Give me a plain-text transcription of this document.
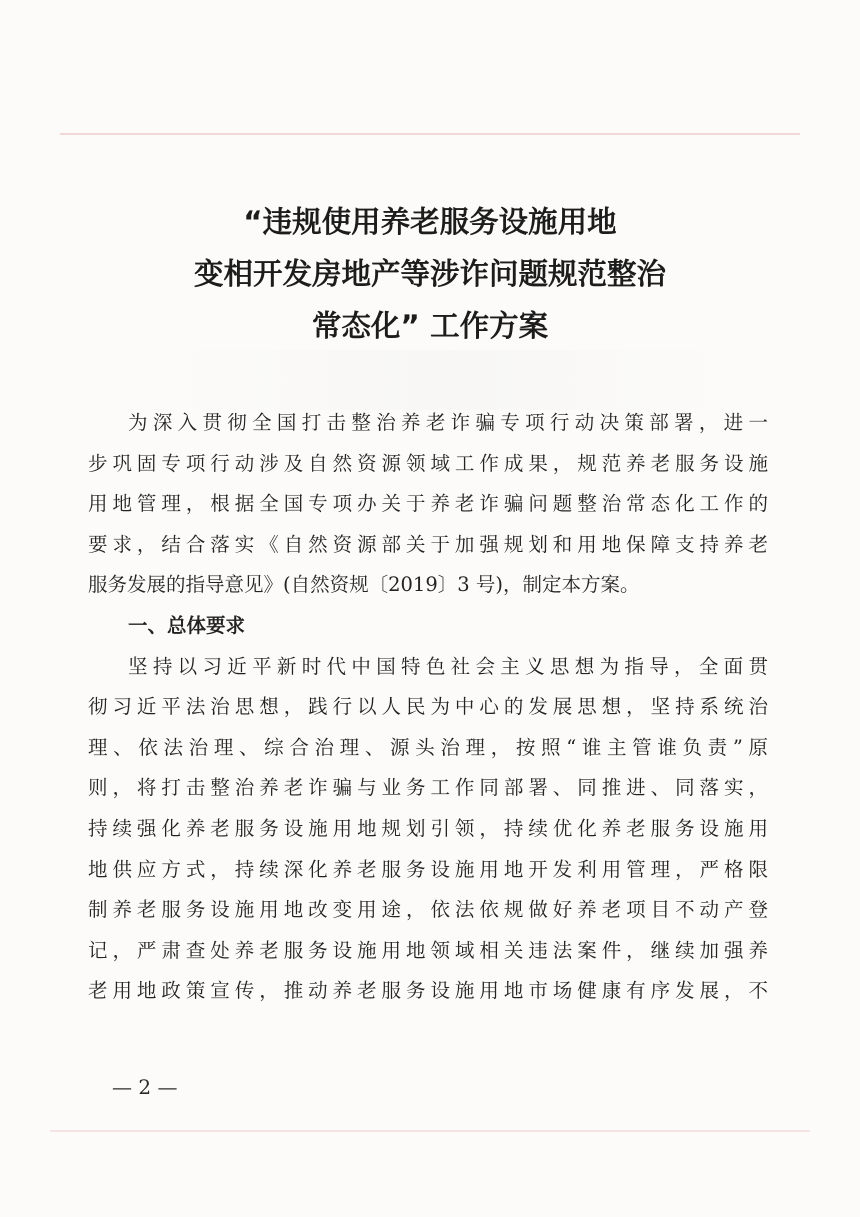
“违规使用养老服务设施用地
变相开发房地产等涉诈问题规范整治
常态化” 工作方案
为深入贯彻全国打击整治养老诈骗专项行动决策部署，进一
步巩固专项行动涉及自然资源领域工作成果，规范养老服务设施
用地管理，根据全国专项办关于养老诈骗问题整治常态化工作的
要求，结合落实《自然资源部关于加强规划和用地保障支持养老
服务发展的指导意见》(自然资规〔2019〕3 号)，制定本方案。
一、总体要求
坚持以习近平新时代中国特色社会主义思想为指导，全面贯
彻习近平法治思想，践行以人民为中心的发展思想，坚持系统治
理、依法治理、综合治理、源头治理，按照“谁主管谁负责”原
则，将打击整治养老诈骗与业务工作同部署、同推进、同落实，
持续强化养老服务设施用地规划引领，持续优化养老服务设施用
地供应方式，持续深化养老服务设施用地开发利用管理，严格限
制养老服务设施用地改变用途，依法依规做好养老项目不动产登
记，严肃查处养老服务设施用地领域相关违法案件，继续加强养
老用地政策宣传，推动养老服务设施用地市场健康有序发展，不
— 2 —
